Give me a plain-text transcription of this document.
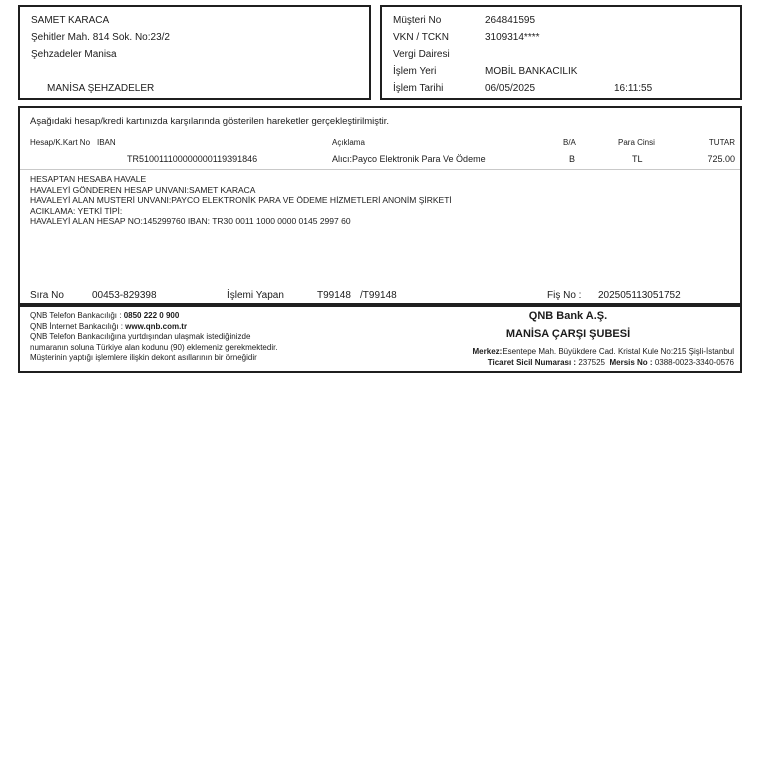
SAMET KARACA
Şehitler Mah. 814 Sok. No:23/2
Şehzadeler Manisa
MANİSA ŞEHZADELER
Müşteri No	264841595
VKN / TCKN	3109314****
Vergi Dairesi
İşlem Yeri	MOBİL BANKACILIK
İşlem Tarihi	06/05/2025	16:11:55
Aşağıdaki hesap/kredi kartınızda karşılarında gösterilen hareketler gerçekleştirilmiştir.
Hesap/K.Kart No IBAN	Açıklama	B/A	Para Cinsi	TUTAR
TR510011100000000119391846	Alıcı:Payco Elektronik Para Ve Ödeme	B	TL	725.00
HESAPTAN HESABA HAVALE
HAVALEYİ GÖNDEREN HESAP UNVANI:SAMET KARACA
HAVALEYİ ALAN MUSTERİ UNVANI:PAYCO ELEKTRONİK PARA VE ÖDEME HİZMETLERİ ANONİM ŞİRKETİ
ACIKLAMA: YETKİ TİPİ:
HAVALEYİ ALAN HESAP NO:145299760 IBAN: TR30 0011 1000 0000 0145 2997 60
Sıra No	00453-829398	İşlemi Yapan	T99148 /T99148	Fiş No : 202505113051752
QNB Telefon Bankacılığı : 0850 222 0 900
QNB İnternet Bankacılığı : www.qnb.com.tr
QNB Telefon Bankacılığına yurtdışından ulaşmak istediğinizde
numaranın soluna Türkiye alan kodunu (90) eklemeniz gerekmektedir.
Müşterinin yaptığı işlemlere ilişkin dekont asıllarının bir örneğidir
QNB Bank A.Ş.
MANİSA ÇARŞI ŞUBESİ
Merkez:Esentepe Mah. Büyükdere Cad. Kristal Kule No:215 Şişli-İstanbul
Ticaret Sicil Numarası : 237525  Mersis No : 0388-0023-3340-0576
